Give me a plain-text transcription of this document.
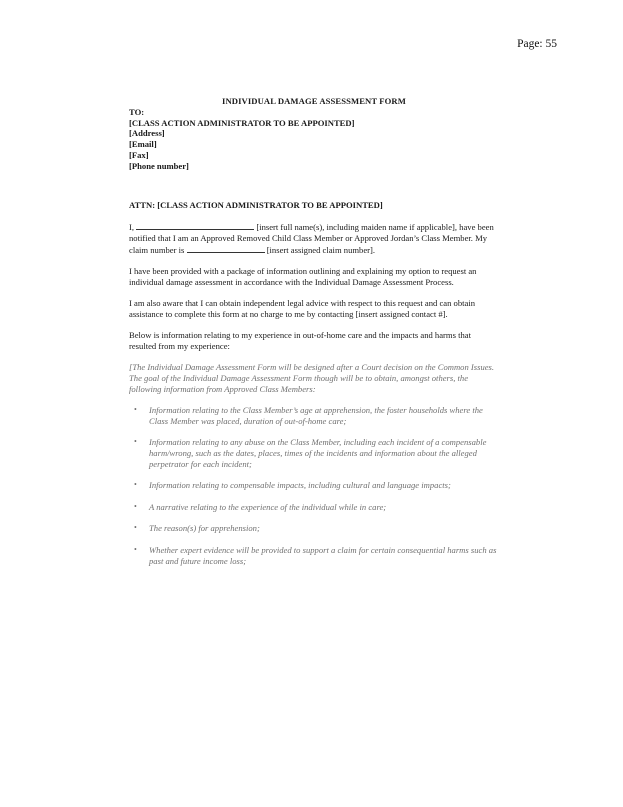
Page: 55
INDIVIDUAL DAMAGE ASSESSMENT FORM
TO:
[CLASS ACTION ADMINISTRATOR TO BE APPOINTED]
[Address]
[Email]
[Fax]
[Phone number]
ATTN: [CLASS ACTION ADMINISTRATOR TO BE APPOINTED]

I,	[insert full name(s), including maiden name if applicable], have been notified that I am an Approved Removed Child Class Member or Approved Jordan’s Class Member. My claim number is	[insert assigned claim number].

I have been provided with a package of information outlining and explaining my option to request an individual damage assessment in accordance with the Individual Damage Assessment Process.

I am also aware that I can obtain independent legal advice with respect to this request and can obtain assistance to complete this form at no charge to me by contacting [insert assigned contact #].

Below is information relating to my experience in out-of-home care and the impacts and harms that resulted from my experience:

[The Individual Damage Assessment Form will be designed after a Court decision on the Common Issues. The goal of the Individual Damage Assessment Form though will be to obtain, amongst others, the following information from Approved Class Members:

• Information relating to the Class Member’s age at apprehension, the foster households where the Class Member was placed, duration of out-of-home care;
• Information relating to any abuse on the Class Member, including each incident of a compensable harm/wrong, such as the dates, places, times of the incidents and information about the alleged perpetrator for each incident;
• Information relating to compensable impacts, including cultural and language impacts;
• A narrative relating to the experience of the individual while in care;
• The reason(s) for apprehension;
• Whether expert evidence will be provided to support a claim for certain consequential harms such as past and future income loss;
